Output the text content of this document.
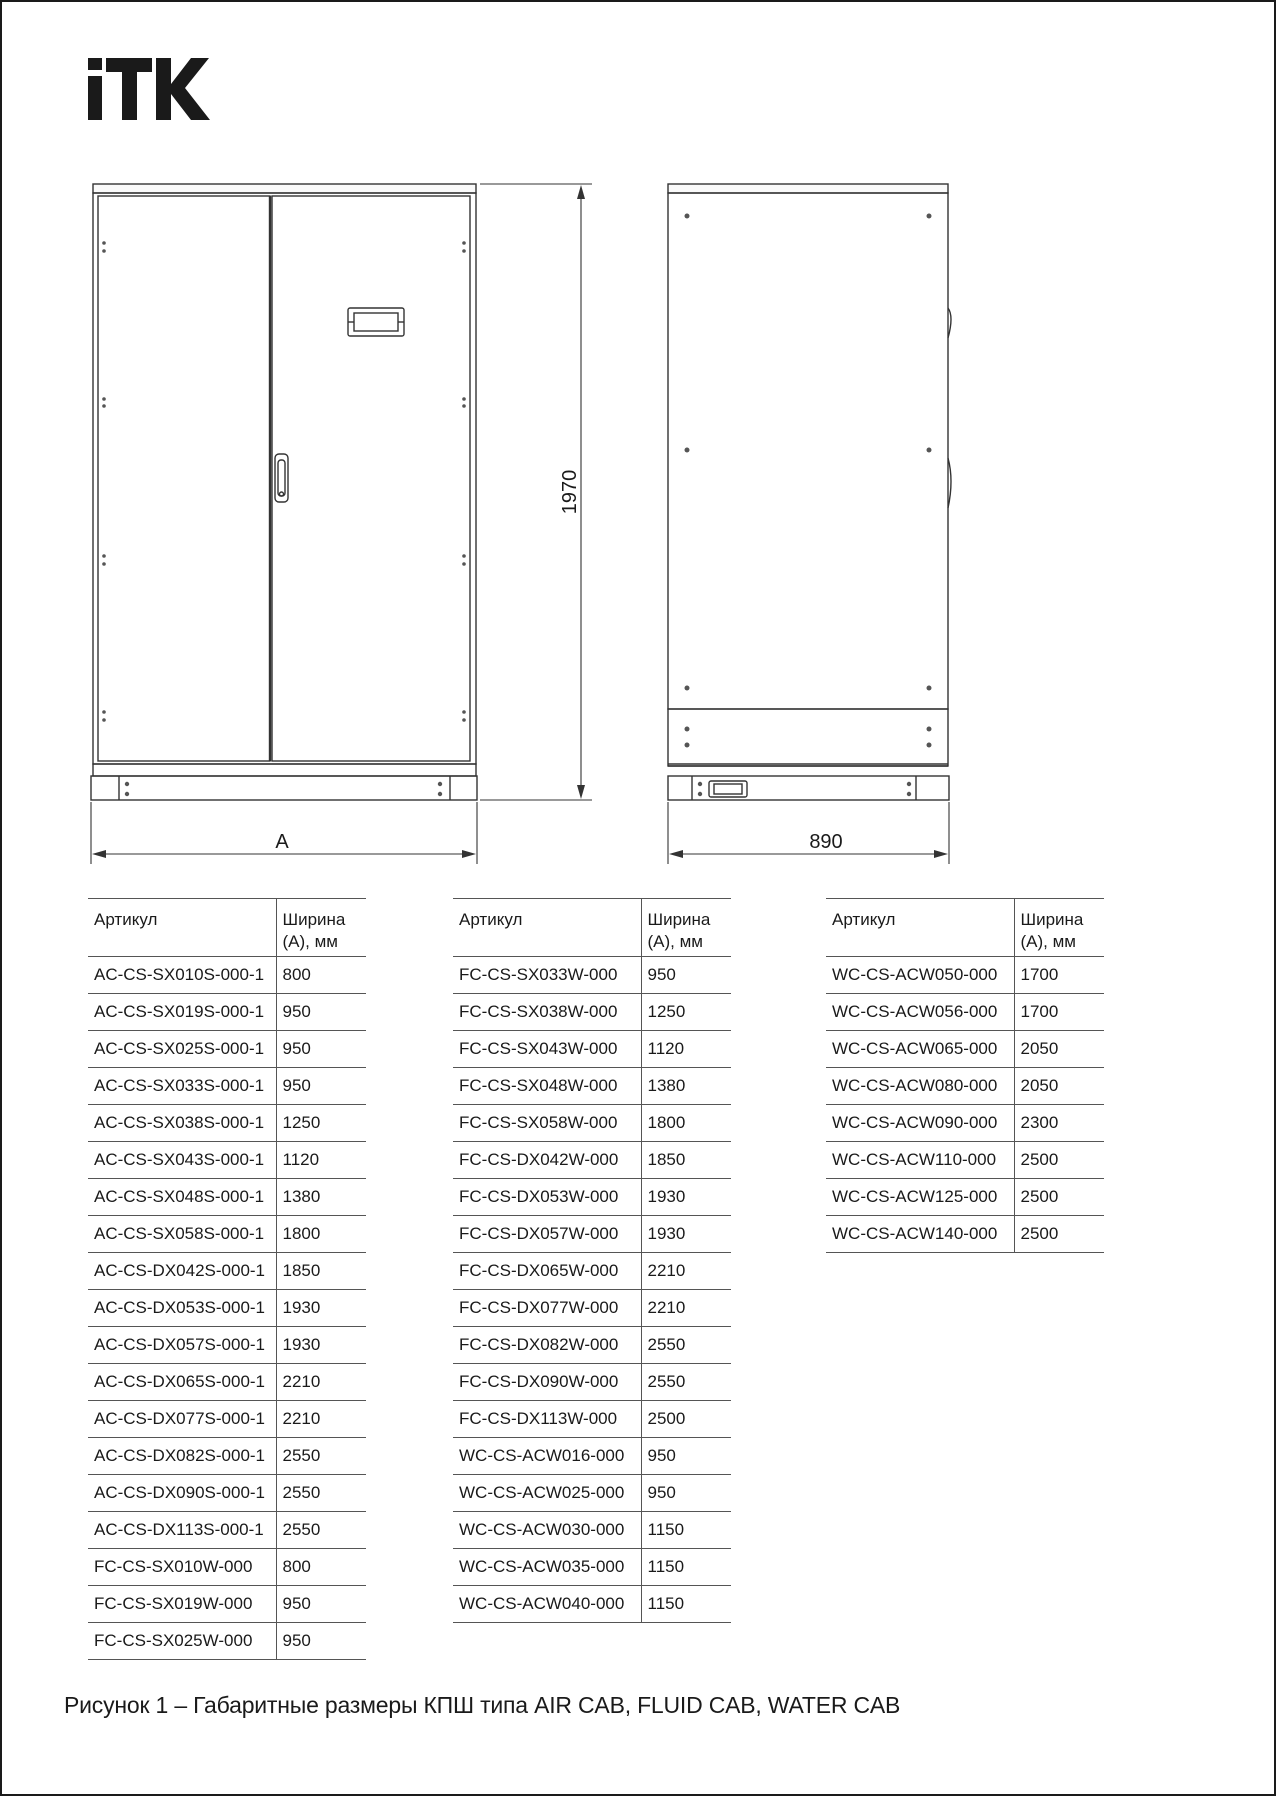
1970
A	890
Артикул	Ширина
(А), мм
AC-CS-SX010S-000-1	800
AC-CS-SX019S-000-1	950
AC-CS-SX025S-000-1	950
AC-CS-SX033S-000-1	950
AC-CS-SX038S-000-1	1250
AC-CS-SX043S-000-1	1120
AC-CS-SX048S-000-1	1380
AC-CS-SX058S-000-1	1800
AC-CS-DX042S-000-1	1850
AC-CS-DX053S-000-1	1930
AC-CS-DX057S-000-1	1930
AC-CS-DX065S-000-1	2210
AC-CS-DX077S-000-1	2210
AC-CS-DX082S-000-1	2550
AC-CS-DX090S-000-1	2550
AC-CS-DX113S-000-1	2550
FC-CS-SX010W-000	800
FC-CS-SX019W-000	950
FC-CS-SX025W-000	950
Артикул	Ширина
(А), мм
FC-CS-SX033W-000	950
FC-CS-SX038W-000	1250
FC-CS-SX043W-000	1120
FC-CS-SX048W-000	1380
FC-CS-SX058W-000	1800
FC-CS-DX042W-000	1850
FC-CS-DX053W-000	1930
FC-CS-DX057W-000	1930
FC-CS-DX065W-000	2210
FC-CS-DX077W-000	2210
FC-CS-DX082W-000	2550
FC-CS-DX090W-000	2550
FC-CS-DX113W-000	2500
WC-CS-ACW016-000	950
WC-CS-ACW025-000	950
WC-CS-ACW030-000	1150
WC-CS-ACW035-000	1150
WC-CS-ACW040-000	1150
Артикул	Ширина
(А), мм
WC-CS-ACW050-000	1700
WC-CS-ACW056-000	1700
WC-CS-ACW065-000	2050
WC-CS-ACW080-000	2050
WC-CS-ACW090-000	2300
WC-CS-ACW110-000	2500
WC-CS-ACW125-000	2500
WC-CS-ACW140-000	2500
Рисунок 1 – Габаритные размеры КПШ типа AIR CAB, FLUID CAB, WATER CAB
